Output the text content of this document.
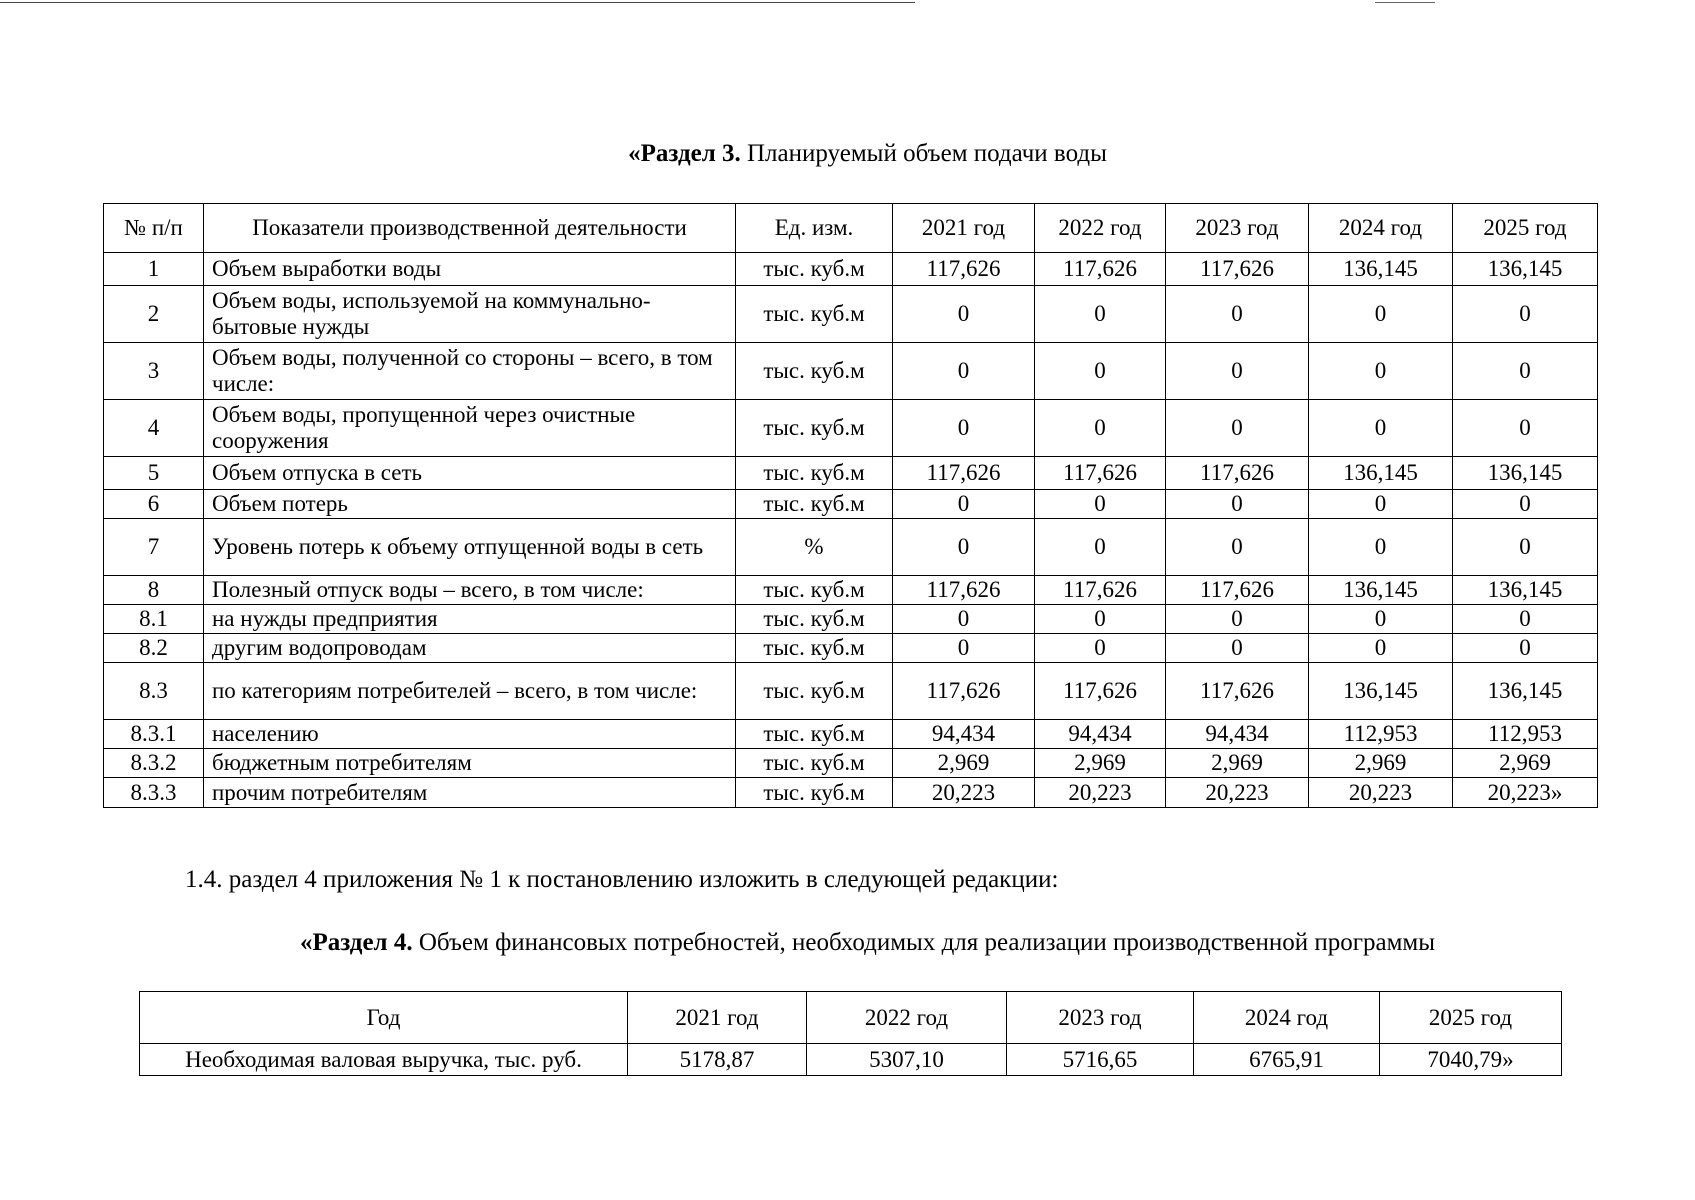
«Раздел 3. Планируемый объем подачи воды
№ п/п	Показатели производственной деятельности	Ед. изм.	2021 год	2022 год	2023 год	2024 год	2025 год
1	Объем выработки воды	тыс. куб.м	117,626	117,626	117,626	136,145	136,145
2	Объем воды, используемой на коммунально-бытовые нужды	тыс. куб.м	0	0	0	0	0
3	Объем воды, полученной со стороны – всего, в том числе:	тыс. куб.м	0	0	0	0	0
4	Объем воды, пропущенной через очистные сооружения	тыс. куб.м	0	0	0	0	0
5	Объем отпуска в сеть	тыс. куб.м	117,626	117,626	117,626	136,145	136,145
6	Объем потерь	тыс. куб.м	0	0	0	0	0
7	Уровень потерь к объему отпущенной воды в сеть	%	0	0	0	0	0
8	Полезный отпуск воды – всего, в том числе:	тыс. куб.м	117,626	117,626	117,626	136,145	136,145
8.1	на нужды предприятия	тыс. куб.м	0	0	0	0	0
8.2	другим водопроводам	тыс. куб.м	0	0	0	0	0
8.3	по категориям потребителей – всего, в том числе:	тыс. куб.м	117,626	117,626	117,626	136,145	136,145
8.3.1	населению	тыс. куб.м	94,434	94,434	94,434	112,953	112,953
8.3.2	бюджетным потребителям	тыс. куб.м	2,969	2,969	2,969	2,969	2,969
8.3.3	прочим потребителям	тыс. куб.м	20,223	20,223	20,223	20,223	20,223»
1.4. раздел 4 приложения № 1 к постановлению изложить в следующей редакции:
«Раздел 4. Объем финансовых потребностей, необходимых для реализации производственной программы
Год	2021 год	2022 год	2023 год	2024 год	2025 год
Необходимая валовая выручка, тыс. руб.	5178,87	5307,10	5716,65	6765,91	7040,79»
